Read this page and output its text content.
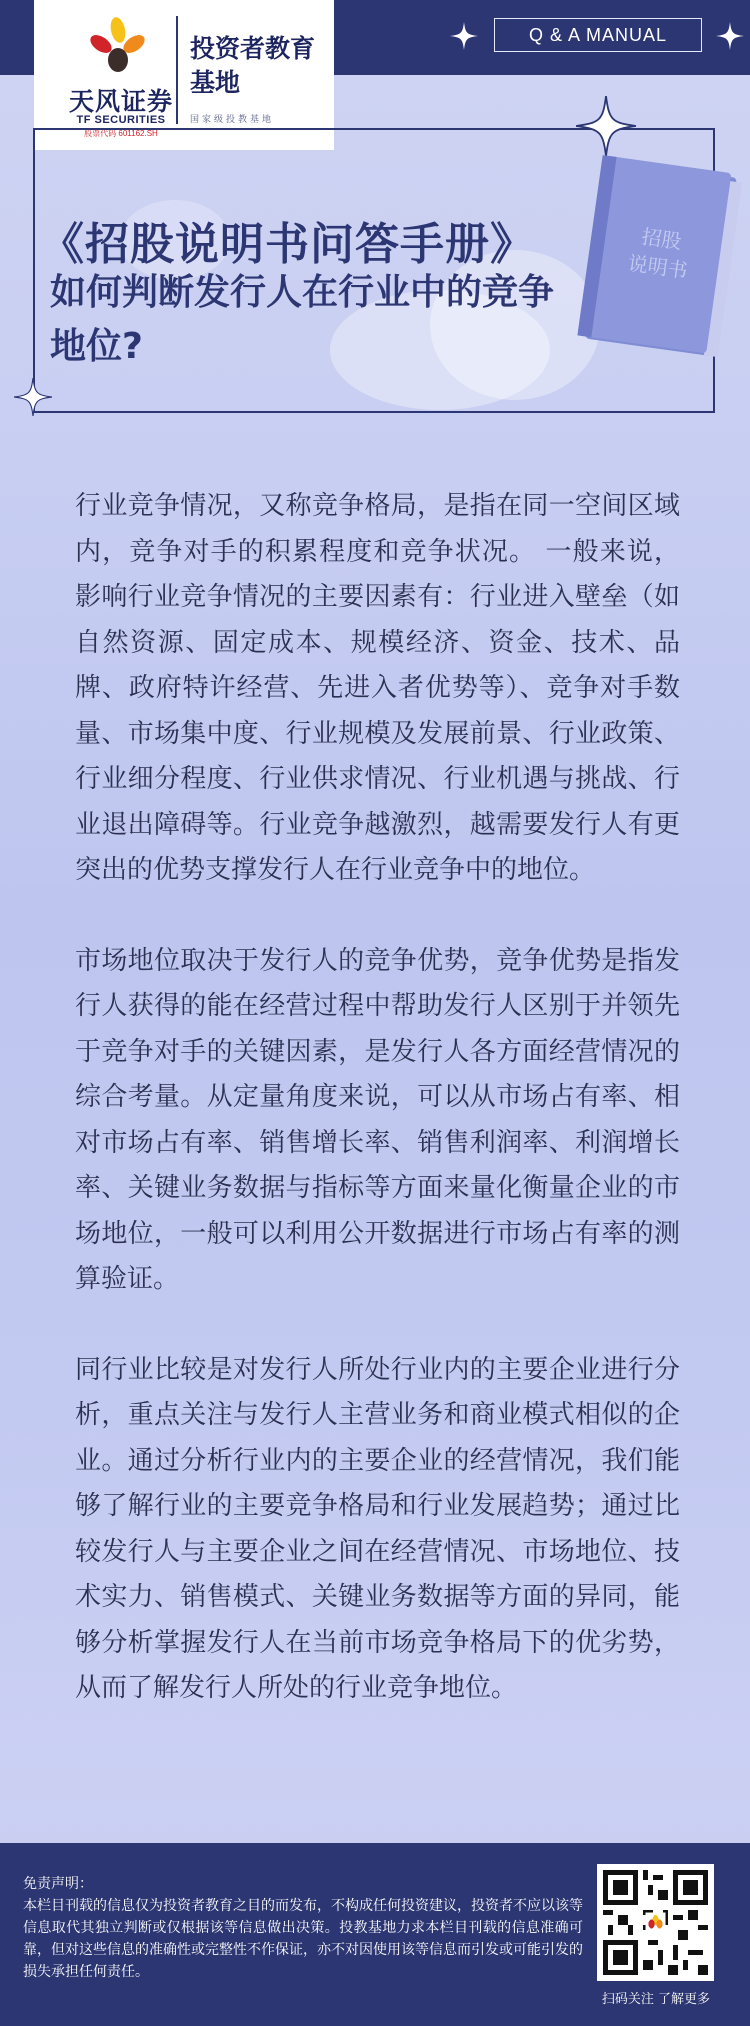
天风证券
TF SECURITIES
股票代码 601162.SH
投资者教育基地
国家级投教基地
Q & A MANUAL
《招股说明书问答手册》
如何判断发行人在行业中的竞争地位?
招股
说明书

行业竞争情况，又称竞争格局，是指在同一空间区域内，竞争对手的积累程度和竞争状况。 一般来说，影响行业竞争情况的主要因素有：行业进入壁垒（如自然资源、固定成本、规模经济、资金、技术、品牌、政府特许经营、先进入者优势等）、竞争对手数量、市场集中度、行业规模及发展前景、行业政策、行业细分程度、行业供求情况、行业机遇与挑战、行业退出障碍等。行业竞争越激烈，越需要发行人有更突出的优势支撑发行人在行业竞争中的地位。

市场地位取决于发行人的竞争优势，竞争优势是指发行人获得的能在经营过程中帮助发行人区别于并领先于竞争对手的关键因素，是发行人各方面经营情况的综合考量。从定量角度来说，可以从市场占有率、相对市场占有率、销售增长率、销售利润率、利润增长率、关键业务数据与指标等方面来量化衡量企业的市场地位，一般可以利用公开数据进行市场占有率的测算验证。

同行业比较是对发行人所处行业内的主要企业进行分析，重点关注与发行人主营业务和商业模式相似的企业。通过分析行业内的主要企业的经营情况，我们能够了解行业的主要竞争格局和行业发展趋势；通过比较发行人与主要企业之间在经营情况、市场地位、技术实力、销售模式、关键业务数据等方面的异同，能够分析掌握发行人在当前市场竞争格局下的优劣势，从而了解发行人所处的行业竞争地位。

免责声明：
本栏目刊载的信息仅为投资者教育之目的而发布，不构成任何投资建议，投资者不应以该等信息取代其独立判断或仅根据该等信息做出决策。投教基地力求本栏目刊载的信息准确可靠，但对这些信息的准确性或完整性不作保证，亦不对因使用该等信息而引发或可能引发的损失承担任何责任。
扫码关注 了解更多
